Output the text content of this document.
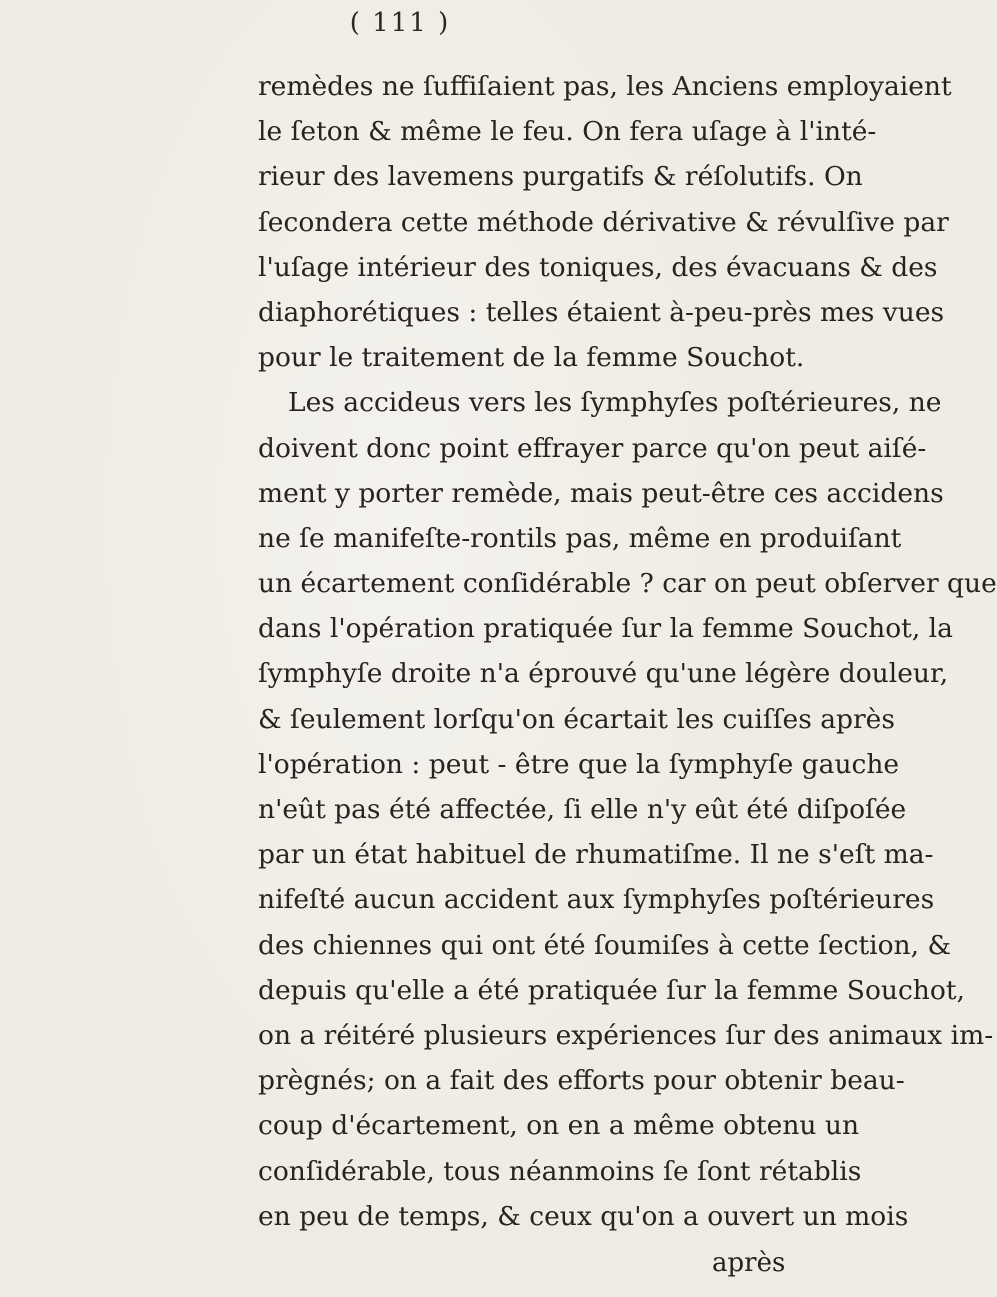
( 111 )
remèdes ne ſuffiſaient pas, les Anciens employaient
le ſeton & même le feu. On fera uſage à l'inté-
rieur des lavemens purgatifs & réſolutifs. On
ſecondera cette méthode dérivative & révulſive par
l'uſage intérieur des toniques, des évacuans & des
diaphorétiques : telles étaient à-peu-près mes vues
pour le traitement de la femme Souchot.
Les accideus vers les ſymphyſes poſtérieures, ne
doivent donc point effrayer parce qu'on peut aiſé-
ment y porter remède, mais peut-être ces accidens
ne ſe manifeſte-rontils pas, même en produiſant
un écartement conſidérable ? car on peut obſerver que
dans l'opération pratiquée ſur la femme Souchot, la
ſymphyſe droite n'a éprouvé qu'une légère douleur,
& ſeulement lorſqu'on écartait les cuiſſes après
l'opération : peut - être que la ſymphyſe gauche
n'eût pas été affectée, ſi elle n'y eût été diſpoſée
par un état habituel de rhumatiſme. Il ne s'eſt ma-
nifeſté aucun accident aux ſymphyſes poſtérieures
des chiennes qui ont été ſoumiſes à cette ſection, &
depuis qu'elle a été pratiquée ſur la femme Souchot,
on a réitéré plusieurs expériences ſur des animaux im-
prègnés; on a fait des efforts pour obtenir beau-
coup d'écartement, on en a même obtenu un
conſidérable, tous néanmoins ſe ſont rétablis
en peu de temps, & ceux qu'on a ouvert un mois
après
